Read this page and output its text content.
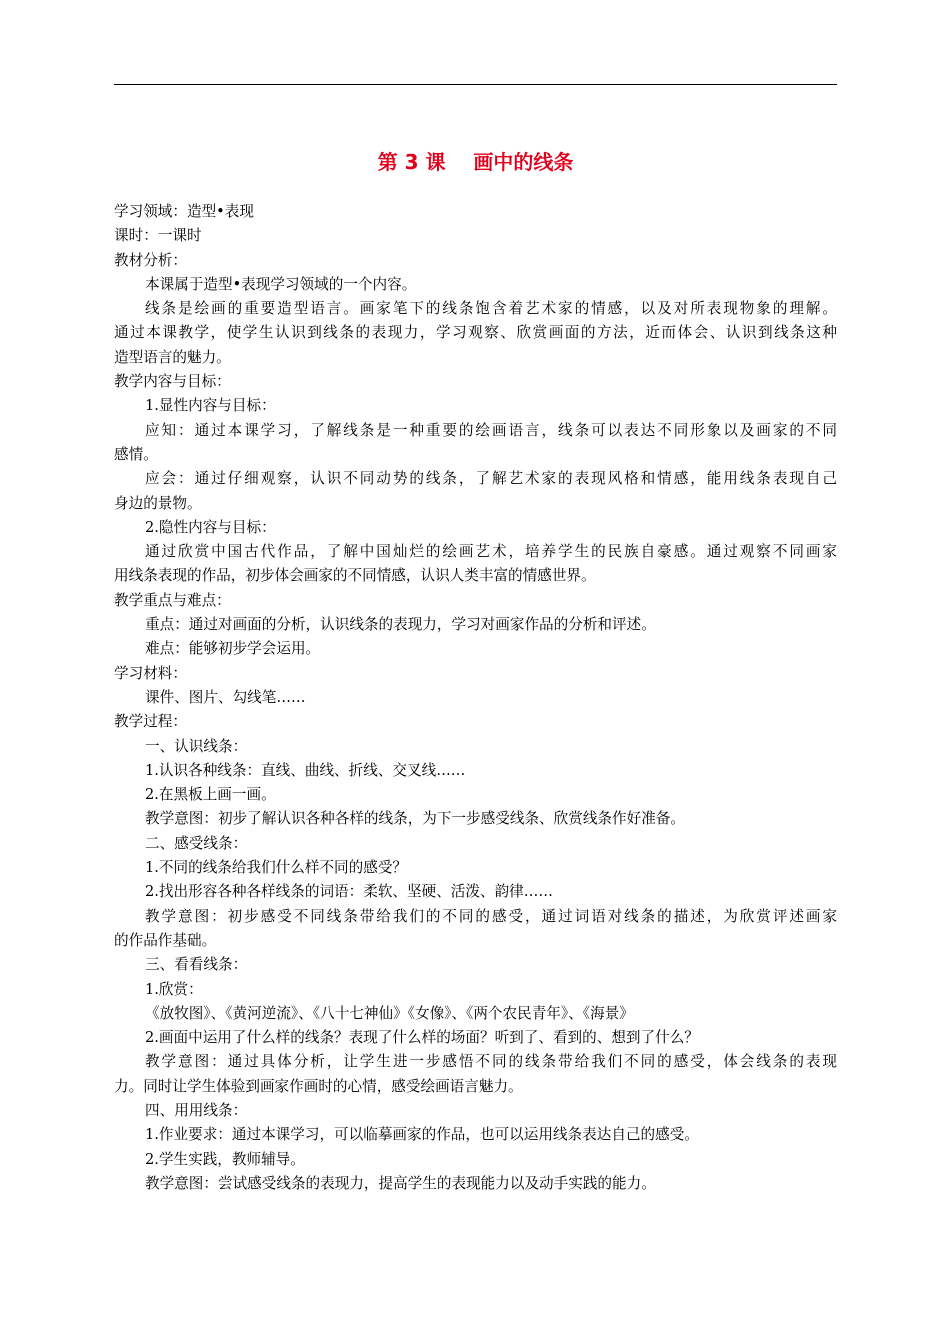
第 3 课    画中的线条
学习领域：造型•表现
课时：一课时
教材分析：
本课属于造型•表现学习领域的一个内容。
线条是绘画的重要造型语言。画家笔下的线条饱含着艺术家的情感，以及对所表现物象的理解。
通过本课教学，使学生认识到线条的表现力，学习观察、欣赏画面的方法，近而体会、认识到线条这种
造型语言的魅力。
教学内容与目标：
1.显性内容与目标：
应知：通过本课学习，了解线条是一种重要的绘画语言，线条可以表达不同形象以及画家的不同
感情。
应会：通过仔细观察，认识不同动势的线条，了解艺术家的表现风格和情感，能用线条表现自己
身边的景物。
2.隐性内容与目标：
通过欣赏中国古代作品，了解中国灿烂的绘画艺术，培养学生的民族自豪感。通过观察不同画家
用线条表现的作品，初步体会画家的不同情感，认识人类丰富的情感世界。
教学重点与难点：
重点：通过对画面的分析，认识线条的表现力，学习对画家作品的分析和评述。
难点：能够初步学会运用。
学习材料：
课件、图片、勾线笔……
教学过程：
一、认识线条：
1.认识各种线条：直线、曲线、折线、交叉线……
2.在黑板上画一画。
教学意图：初步了解认识各种各样的线条，为下一步感受线条、欣赏线条作好准备。
二、感受线条：
1.不同的线条给我们什么样不同的感受？
2.找出形容各种各样线条的词语：柔软、坚硬、活泼、韵律……
教学意图：初步感受不同线条带给我们的不同的感受，通过词语对线条的描述，为欣赏评述画家
的作品作基础。
三、看看线条：
1.欣赏：
《放牧图》、《黄河逆流》、《八十七神仙》《女像》、《两个农民青年》、《海景》
2.画面中运用了什么样的线条？表现了什么样的场面？听到了、看到的、想到了什么？
教学意图：通过具体分析，让学生进一步感悟不同的线条带给我们不同的感受，体会线条的表现
力。同时让学生体验到画家作画时的心情，感受绘画语言魅力。
四、用用线条：
1.作业要求：通过本课学习，可以临摹画家的作品，也可以运用线条表达自己的感受。
2.学生实践，教师辅导。
教学意图：尝试感受线条的表现力，提高学生的表现能力以及动手实践的能力。
